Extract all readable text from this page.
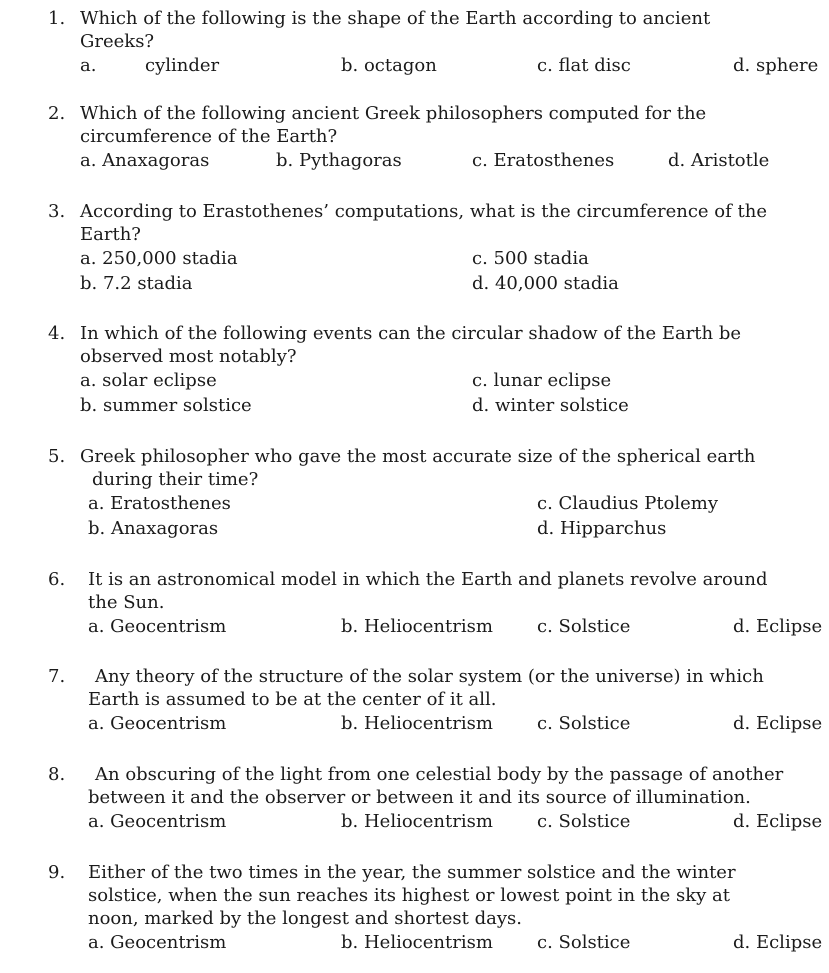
1. Which of the following is the shape of the Earth according to ancient
Greeks?
a.	cylinder	b. octagon	c. flat disc	d. sphere
2. Which of the following ancient Greek philosophers computed for the
circumference of the Earth?
a. Anaxagoras	b. Pythagoras	c. Eratosthenes	d. Aristotle
3. According to Erastothenes’ computations, what is the circumference of the
Earth?
a. 250,000 stadia	c. 500 stadia
b. 7.2 stadia	d. 40,000 stadia
4. In which of the following events can the circular shadow of the Earth be
observed most notably?
a. solar eclipse	c. lunar eclipse
b. summer solstice	d. winter solstice
5. Greek philosopher who gave the most accurate size of the spherical earth
during their time?
a. Eratosthenes	c. Claudius Ptolemy
b. Anaxagoras	d. Hipparchus
6. It is an astronomical model in which the Earth and planets revolve around
the Sun.
a. Geocentrism	b. Heliocentrism c. Solstice	d. Eclipse
7. Any theory of the structure of the solar system (or the universe) in which
Earth is assumed to be at the center of it all.
a. Geocentrism	b. Heliocentrism c. Solstice	d. Eclipse
8. An obscuring of the light from one celestial body by the passage of another
between it and the observer or between it and its source of illumination.
a. Geocentrism	b. Heliocentrism c. Solstice	d. Eclipse
9. Either of the two times in the year, the summer solstice and the winter
solstice, when the sun reaches its highest or lowest point in the sky at
noon, marked by the longest and shortest days.
a. Geocentrism	b. Heliocentrism c. Solstice	d. Eclipse
